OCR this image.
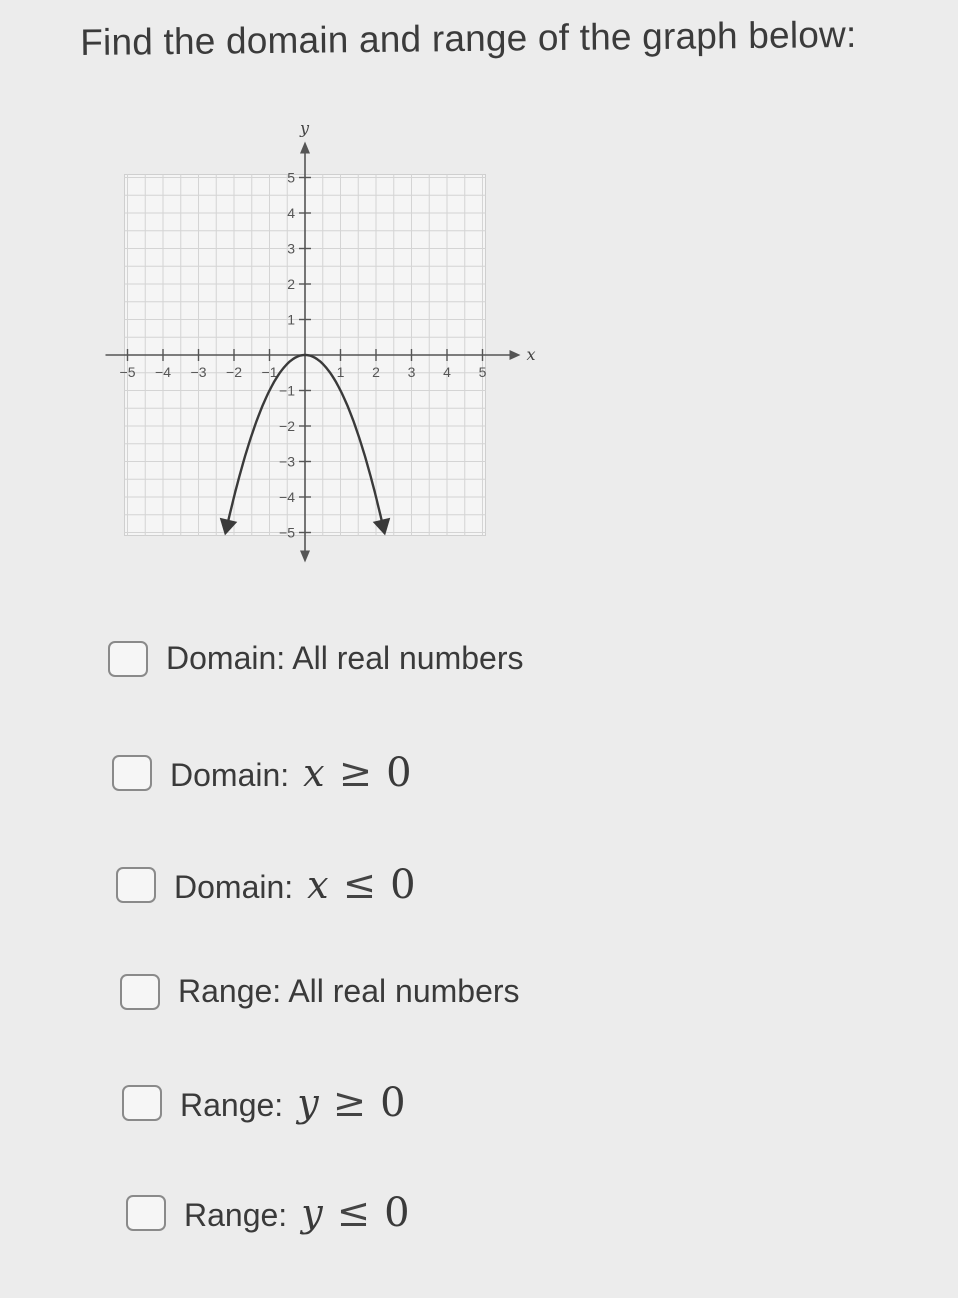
Find the domain and range of the graph below:
x
y
−5 −4 −3 −2 −1	1 2 3 4 5
5
4
3
2
1
−1
−2
−3
−4
−5
Domain: All real numbers
Domain: x ≥ 0
Domain: x ≤ 0
Range: All real numbers
Range: y ≥ 0
Range: y ≤ 0
